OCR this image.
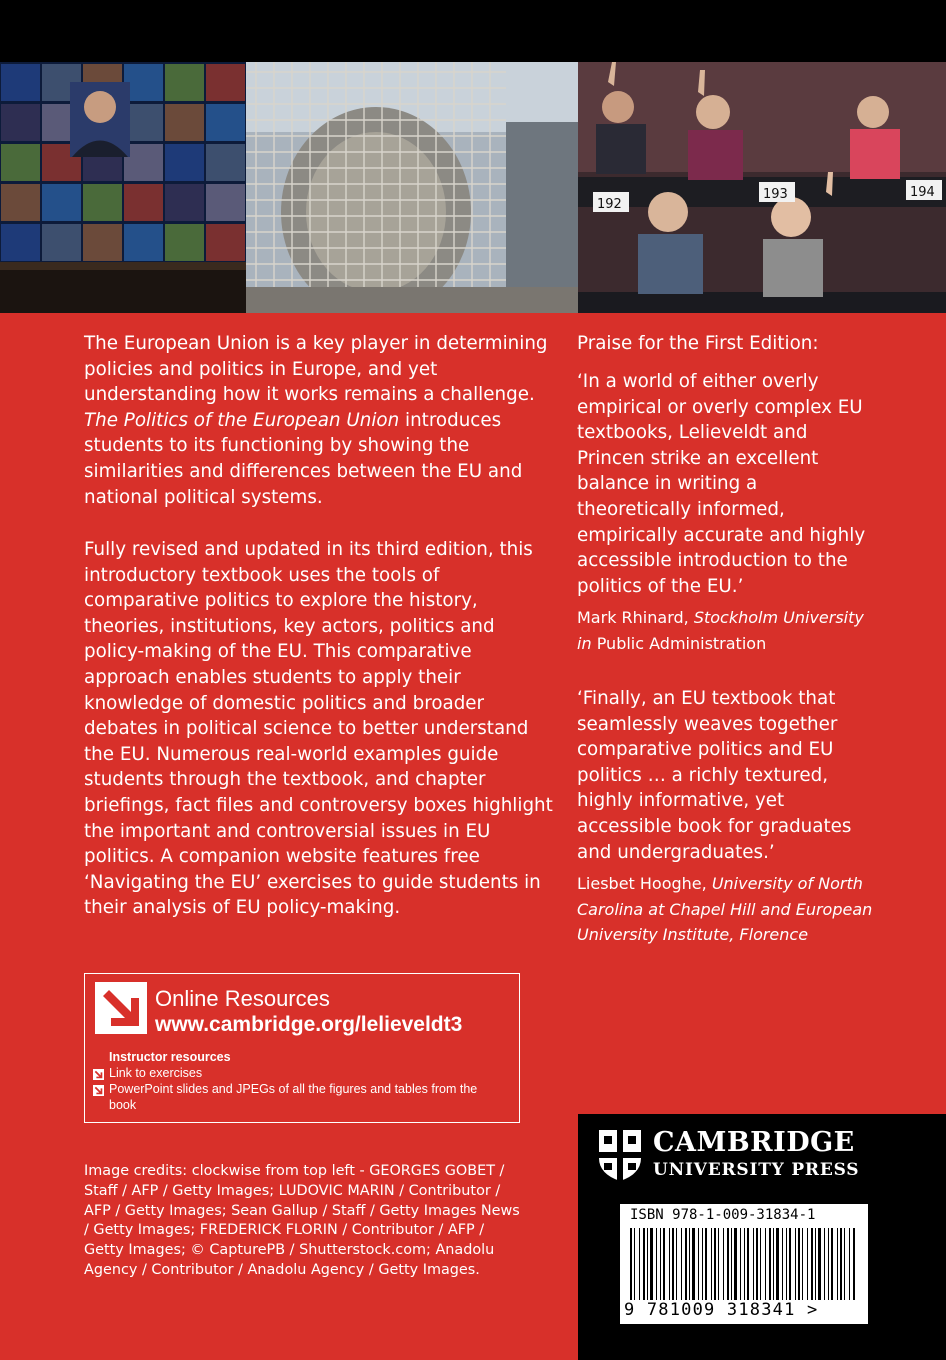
192
193	194

The European Union is a key player in determining policies and politics in Europe, and yet understanding how it works remains a challenge. The Politics of the European Union introduces students to its functioning by showing the similarities and differences between the EU and national political systems.

Fully revised and updated in its third edition, this introductory textbook uses the tools of comparative politics to explore the history, theories, institutions, key actors, politics and policy-making of the EU. This comparative approach enables students to apply their knowledge of domestic politics and broader debates in political science to better understand the EU. Numerous real-world examples guide students through the textbook, and chapter briefings, fact files and controversy boxes highlight the important and controversial issues in EU politics. A companion website features free ‘Navigating the EU’ exercises to guide students in their analysis of EU policy-making.

Praise for the First Edition:

‘In a world of either overly empirical or overly complex EU textbooks, Lelieveldt and Princen strike an excellent balance in writing a theoretically informed, empirically accurate and highly accessible introduction to the politics of the EU.’

Mark Rhinard, Stockholm University in Public Administration

‘Finally, an EU textbook that seamlessly weaves together comparative politics and EU politics … a richly textured, highly informative, yet accessible book for graduates and undergraduates.’

Liesbet Hooghe, University of North Carolina at Chapel Hill and European University Institute, Florence

Online Resources
www.cambridge.org/lelieveldt3
Instructor resources
Link to exercises
PowerPoint slides and JPEGs of all the figures and tables from the book

Image credits: clockwise from top left - GEORGES GOBET / Staff / AFP / Getty Images; LUDOVIC MARIN / Contributor / AFP / Getty Images; Sean Gallup / Staff / Getty Images News / Getty Images; FREDERICK FLORIN / Contributor / AFP / Getty Images; © CapturePB / Shutterstock.com; Anadolu Agency / Contributor / Anadolu Agency / Getty Images.

CAMBRIDGE
UNIVERSITY PRESS
ISBN 978-1-009-31834-1
9 781009 318341 >
